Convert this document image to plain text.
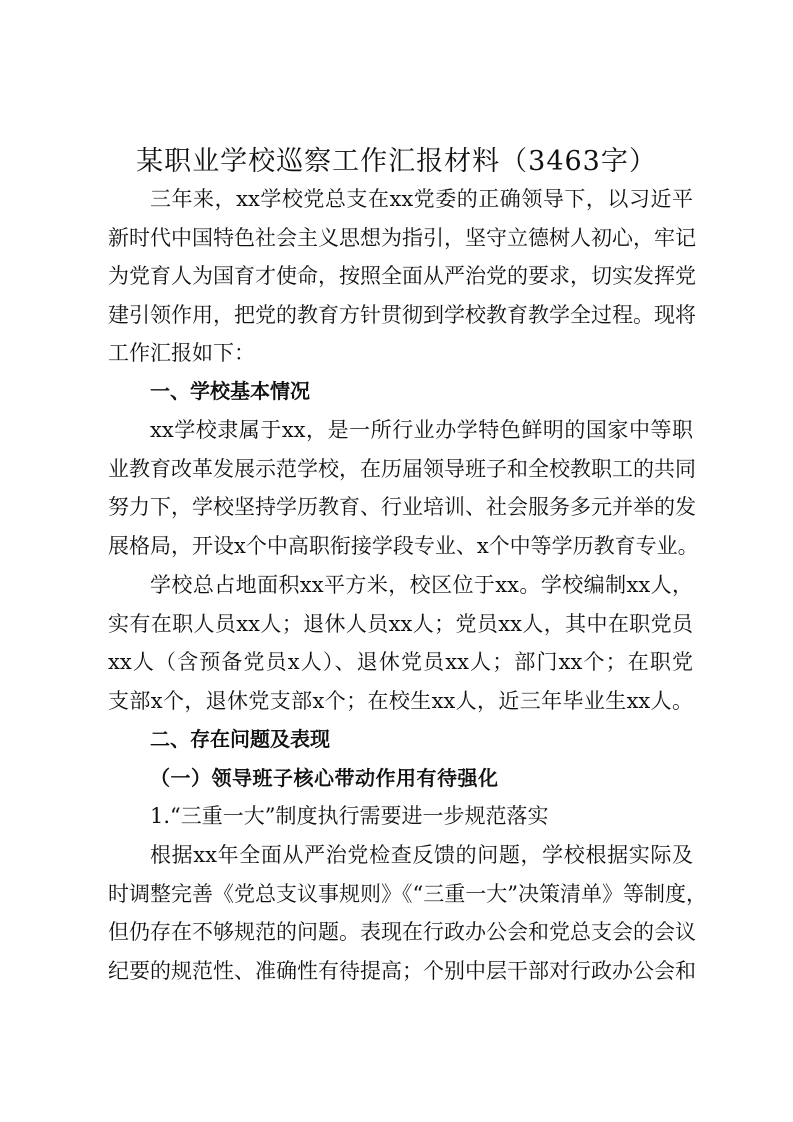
某职业学校巡察工作汇报材料（3463字）
三年来，xx学校党总支在xx党委的正确领导下，以习近平
新时代中国特色社会主义思想为指引，坚守立德树人初心，牢记
为党育人为国育才使命，按照全面从严治党的要求，切实发挥党
建引领作用，把党的教育方针贯彻到学校教育教学全过程。现将
工作汇报如下：
一、学校基本情况
xx学校隶属于xx，是一所行业办学特色鲜明的国家中等职
业教育改革发展示范学校，在历届领导班子和全校教职工的共同
努力下，学校坚持学历教育、行业培训、社会服务多元并举的发
展格局，开设x个中高职衔接学段专业、x个中等学历教育专业。
学校总占地面积xx平方米，校区位于xx。学校编制xx人，
实有在职人员xx人；退休人员xx人；党员xx人，其中在职党员
xx人（含预备党员x人）、退休党员xx人；部门xx个；在职党
支部x个，退休党支部x个；在校生xx人，近三年毕业生xx人。
二、存在问题及表现
（一）领导班子核心带动作用有待强化
1.“三重一大”制度执行需要进一步规范落实
根据xx年全面从严治党检查反馈的问题，学校根据实际及
时调整完善《党总支议事规则》《“三重一大”决策清单》等制度，
但仍存在不够规范的问题。表现在行政办公会和党总支会的会议
纪要的规范性、准确性有待提高；个别中层干部对行政办公会和
